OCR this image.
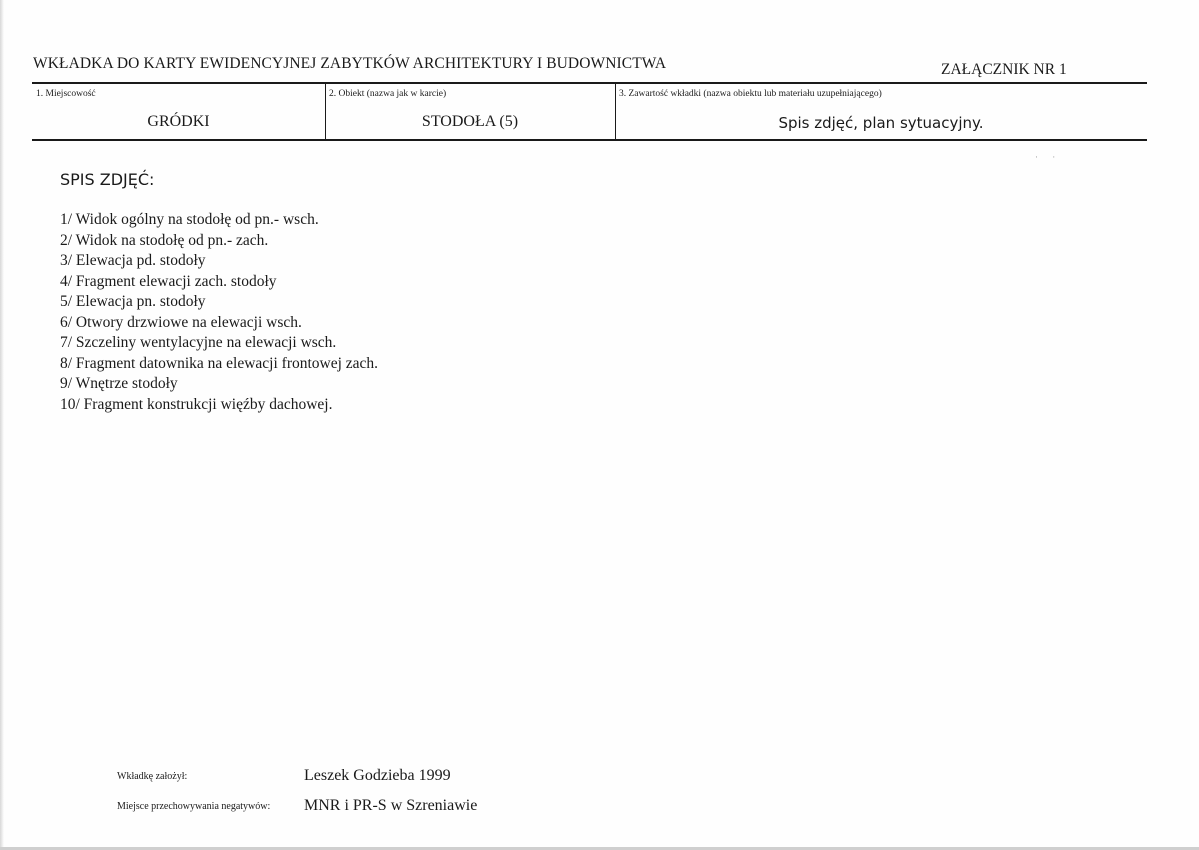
WKŁADKA DO KARTY EWIDENCYJNEJ ZABYTKÓW ARCHITEKTURY I BUDOWNICTWA	ZAŁĄCZNIK NR 1
1. Miejscowość
GRÓDKI
2. Obiekt (nazwa jak w karcie)
STODOŁA (5)
3. Zawartość wkładki (nazwa obiektu lub materiału uzupełniającego)
Spis zdjęć, plan sytuacyjny.
· ·
SPIS ZDJĘĆ:
1/ Widok ogólny na stodołę od pn.- wsch.
2/ Widok na stodołę od pn.- zach.
3/ Elewacja pd. stodoły
4/ Fragment elewacji zach. stodoły
5/ Elewacja pn. stodoły
6/ Otwory drzwiowe na elewacji wsch.
7/ Szczeliny wentylacyjne na elewacji wsch.
8/ Fragment datownika na elewacji frontowej zach.
9/ Wnętrze stodoły
10/ Fragment konstrukcji więźby dachowej.
Wkładkę założył:	Leszek Godzieba 1999
Miejsce przechowywania negatywów: MNR i PR-S w Szreniawie
